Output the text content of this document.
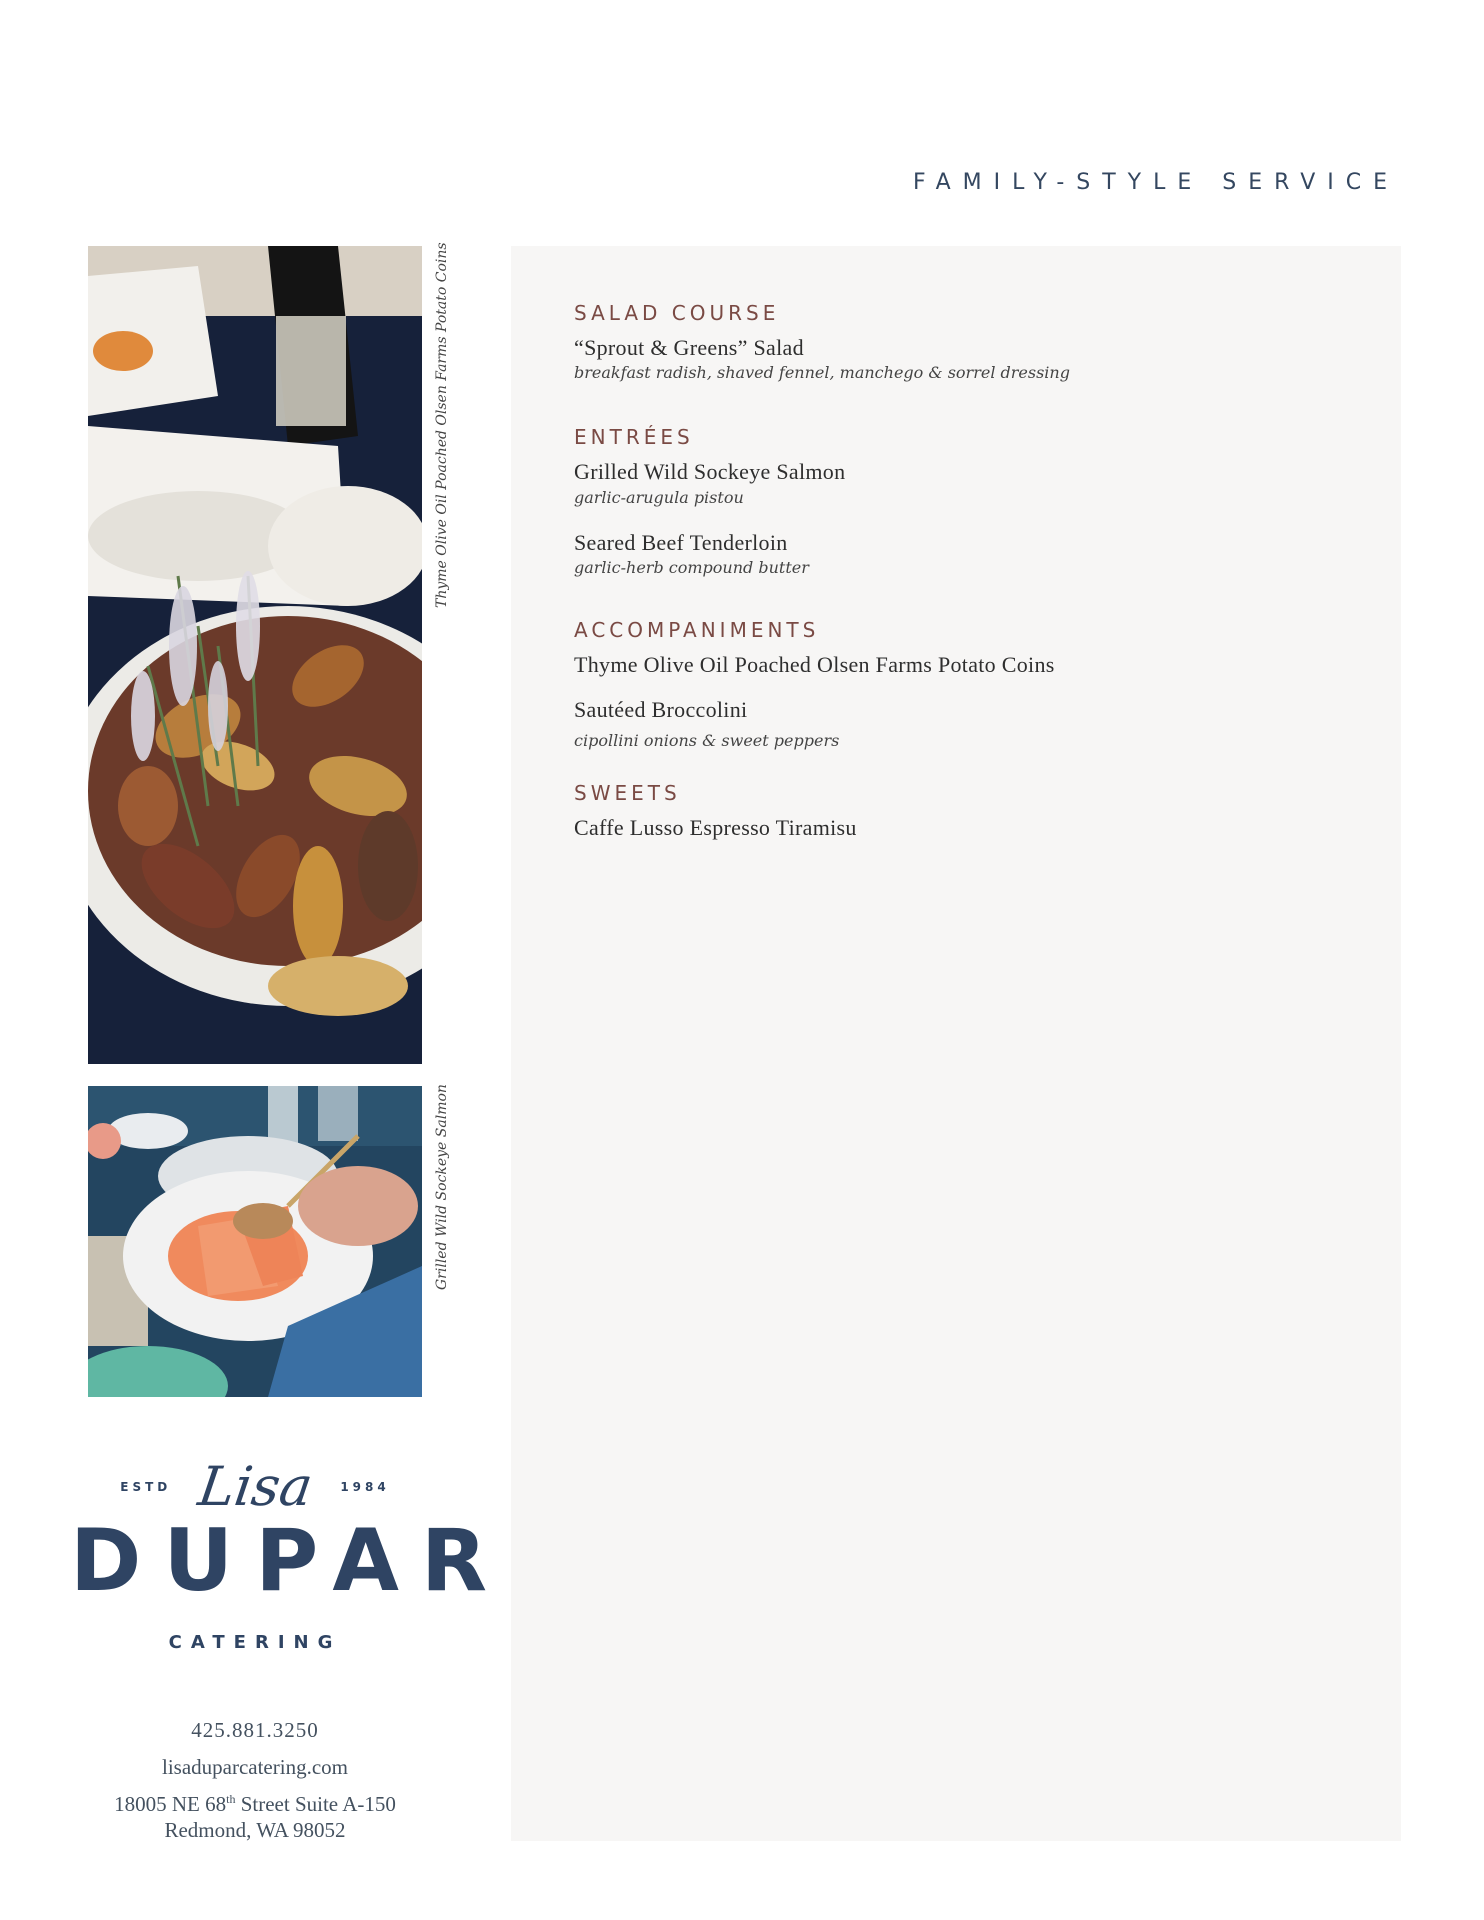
FAMILY-STYLE SERVICE
Thyme Olive Oil Poached Olsen Farms Potato Coins
Grilled Wild Sockeye Salmon
ESTD Lisa 1984
DUPAR
CATERING
425.881.3250
lisaduparcatering.com
18005 NE 68th Street Suite A-150
Redmond, WA 98052
SALAD COURSE

“Sprout & Greens” Salad

breakfast radish, shaved fennel, manchego & sorrel dressing

ENTRÉES

Grilled Wild Sockeye Salmon

garlic-arugula pistou

Seared Beef Tenderloin

garlic-herb compound butter

ACCOMPANIMENTS

Thyme Olive Oil Poached Olsen Farms Potato Coins

Sautéed Broccolini

cipollini onions & sweet peppers

SWEETS

Caffe Lusso Espresso Tiramisu
